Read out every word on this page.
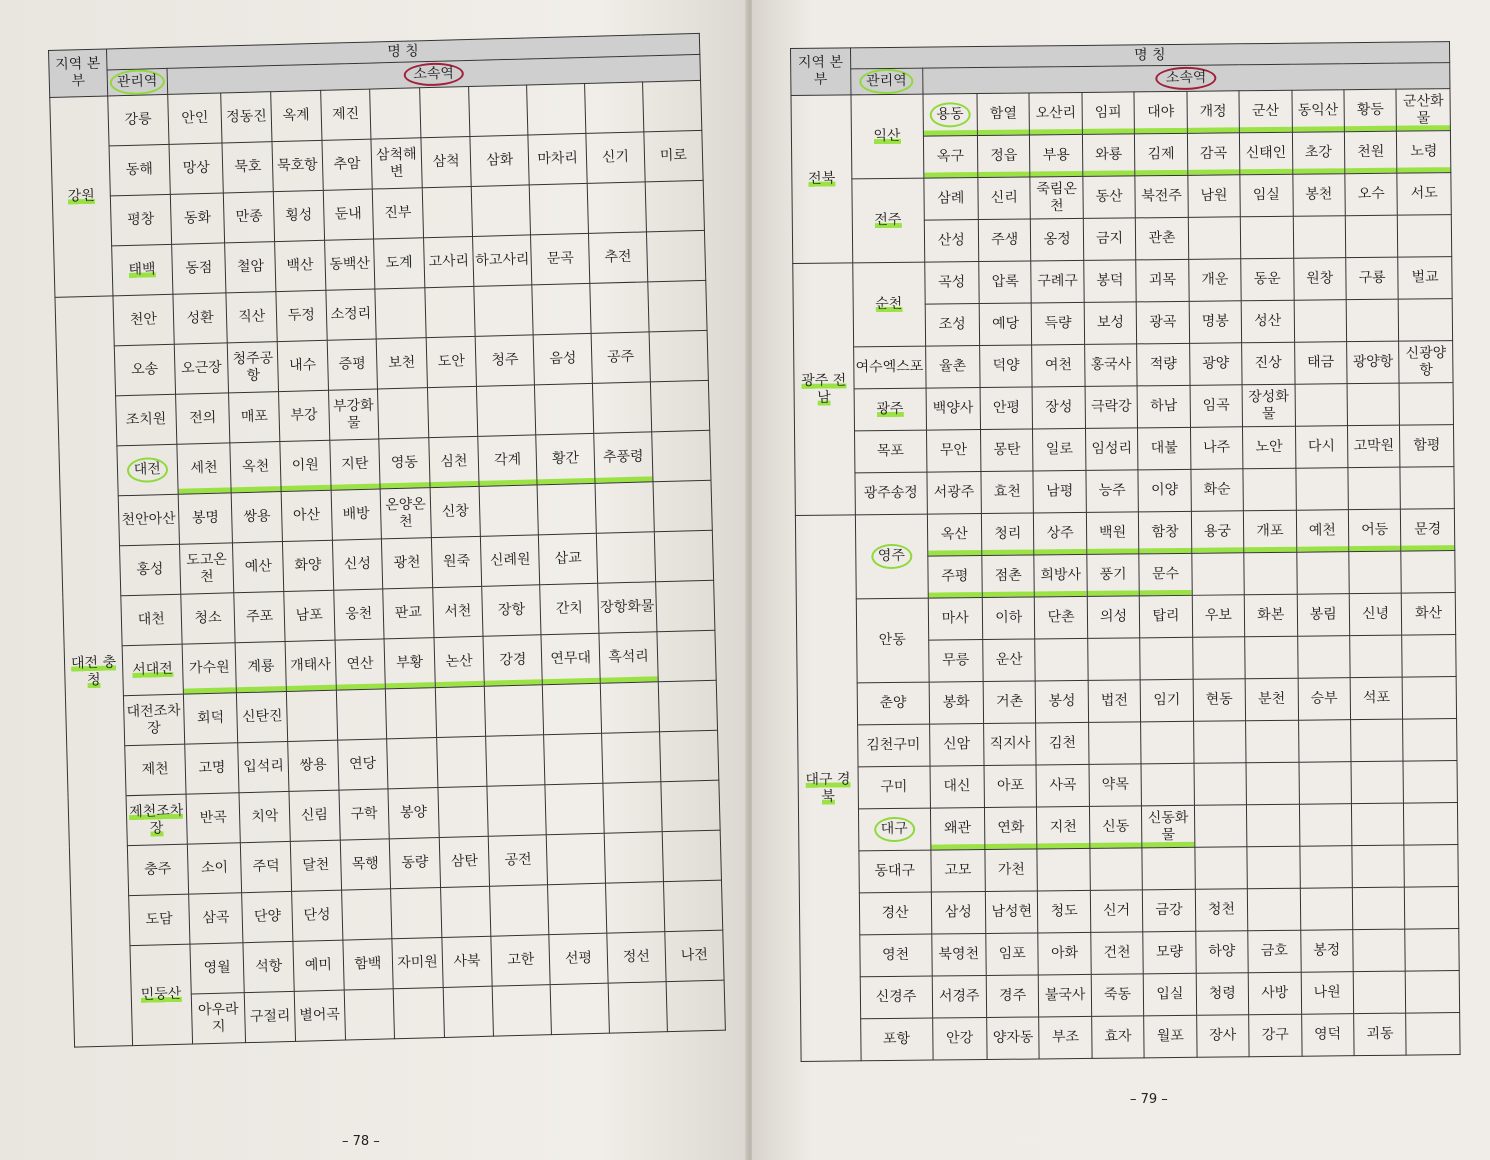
지역 본부	명 칭										
	관리역	소속역									
강원	강릉	안인	정동진	옥계	제진						
	동해	망상	묵호	묵호항	추암	삼척해변	삼척	삼화	마차리	신기	미로
	평창	동화	만종	횡성	둔내	진부					
	태백	동점	철암	백산	동백산	도계	고사리	하고사리	문곡	추전	
대전 충청	천안	성환	직산	두정	소정리						
	오송	오근장	청주공항	내수	증평	보천	도안	청주	음성	공주	
	조치원	전의	매포	부강	부강화물						
	대전	세천	옥천	이원	지탄	영동	심천	각계	황간	추풍령	
	천안아산	봉명	쌍용	아산	배방	온양온천	신창				
	홍성	도고온천	예산	화양	신성	광천	원죽	신례원	삽교		
	대천	청소	주포	남포	웅천	판교	서천	장항	간치	장항화물	
	서대전	가수원	계룡	개태사	연산	부황	논산	강경	연무대	흑석리	
	대전조차장	회덕	신탄진								
	제천	고명	입석리	쌍용	연당						
	제천조차장	반곡	치악	신림	구학	봉양					
	충주	소이	주덕	달천	목행	동량	삼탄	공전			
	도담	삼곡	단양	단성							
	민둥산	영월	석항	예미	함백	자미원	사북	고한	선평	정선	나전
		아우라지	구절리	별어곡							
– 78 –
지역 본부	명 칭										
	관리역	소속역									
전북	익산	용동	함열	오산리	임피	대야	개정	군산	동익산	황등	군산화물
		옥구	정읍	부용	와룡	김제	감곡	신태인	초강	천원	노령
	전주	삼례	신리	죽림온천	동산	북전주	남원	임실	봉천	오수	서도
		산성	주생	옹정	금지	관촌					
광주 전남	순천	곡성	압록	구례구	봉덕	괴목	개운	동운	원창	구룡	벌교
		조성	예당	득량	보성	광곡	명봉	성산			
	여수엑스포	율촌	덕양	여천	홍국사	적량	광양	진상	태금	광양항	신광양항
	광주	백양사	안평	장성	극락강	하남	임곡	장성화물			
	목포	무안	몽탄	일로	임성리	대불	나주	노안	다시	고막원	함평
	광주송정	서광주	효천	남평	능주	이양	화순				
대구 경북	영주	옥산	청리	상주	백원	함창	용궁	개포	예천	어등	문경
		주평	점촌	희방사	풍기	문수					
	안동	마사	이하	단촌	의성	탑리	우보	화본	봉림	신녕	화산
		무릉	운산								
	춘양	봉화	거촌	봉성	법전	임기	현동	분천	승부	석포	
	김천구미	신암	직지사	김천							
	구미	대신	아포	사곡	약목						
	대구	왜관	연화	지천	신동	신동화물					
	동대구	고모	가천								
	경산	삼성	남성현	청도	신거	금강	청천				
	영천	북영천	임포	아화	건천	모량	하양	금호	봉정		
	신경주	서경주	경주	불국사	죽동	입실	청령	사방	나원		
	포항	안강	양자동	부조	효자	월포	장사	강구	영덕	괴동	
– 79 –
